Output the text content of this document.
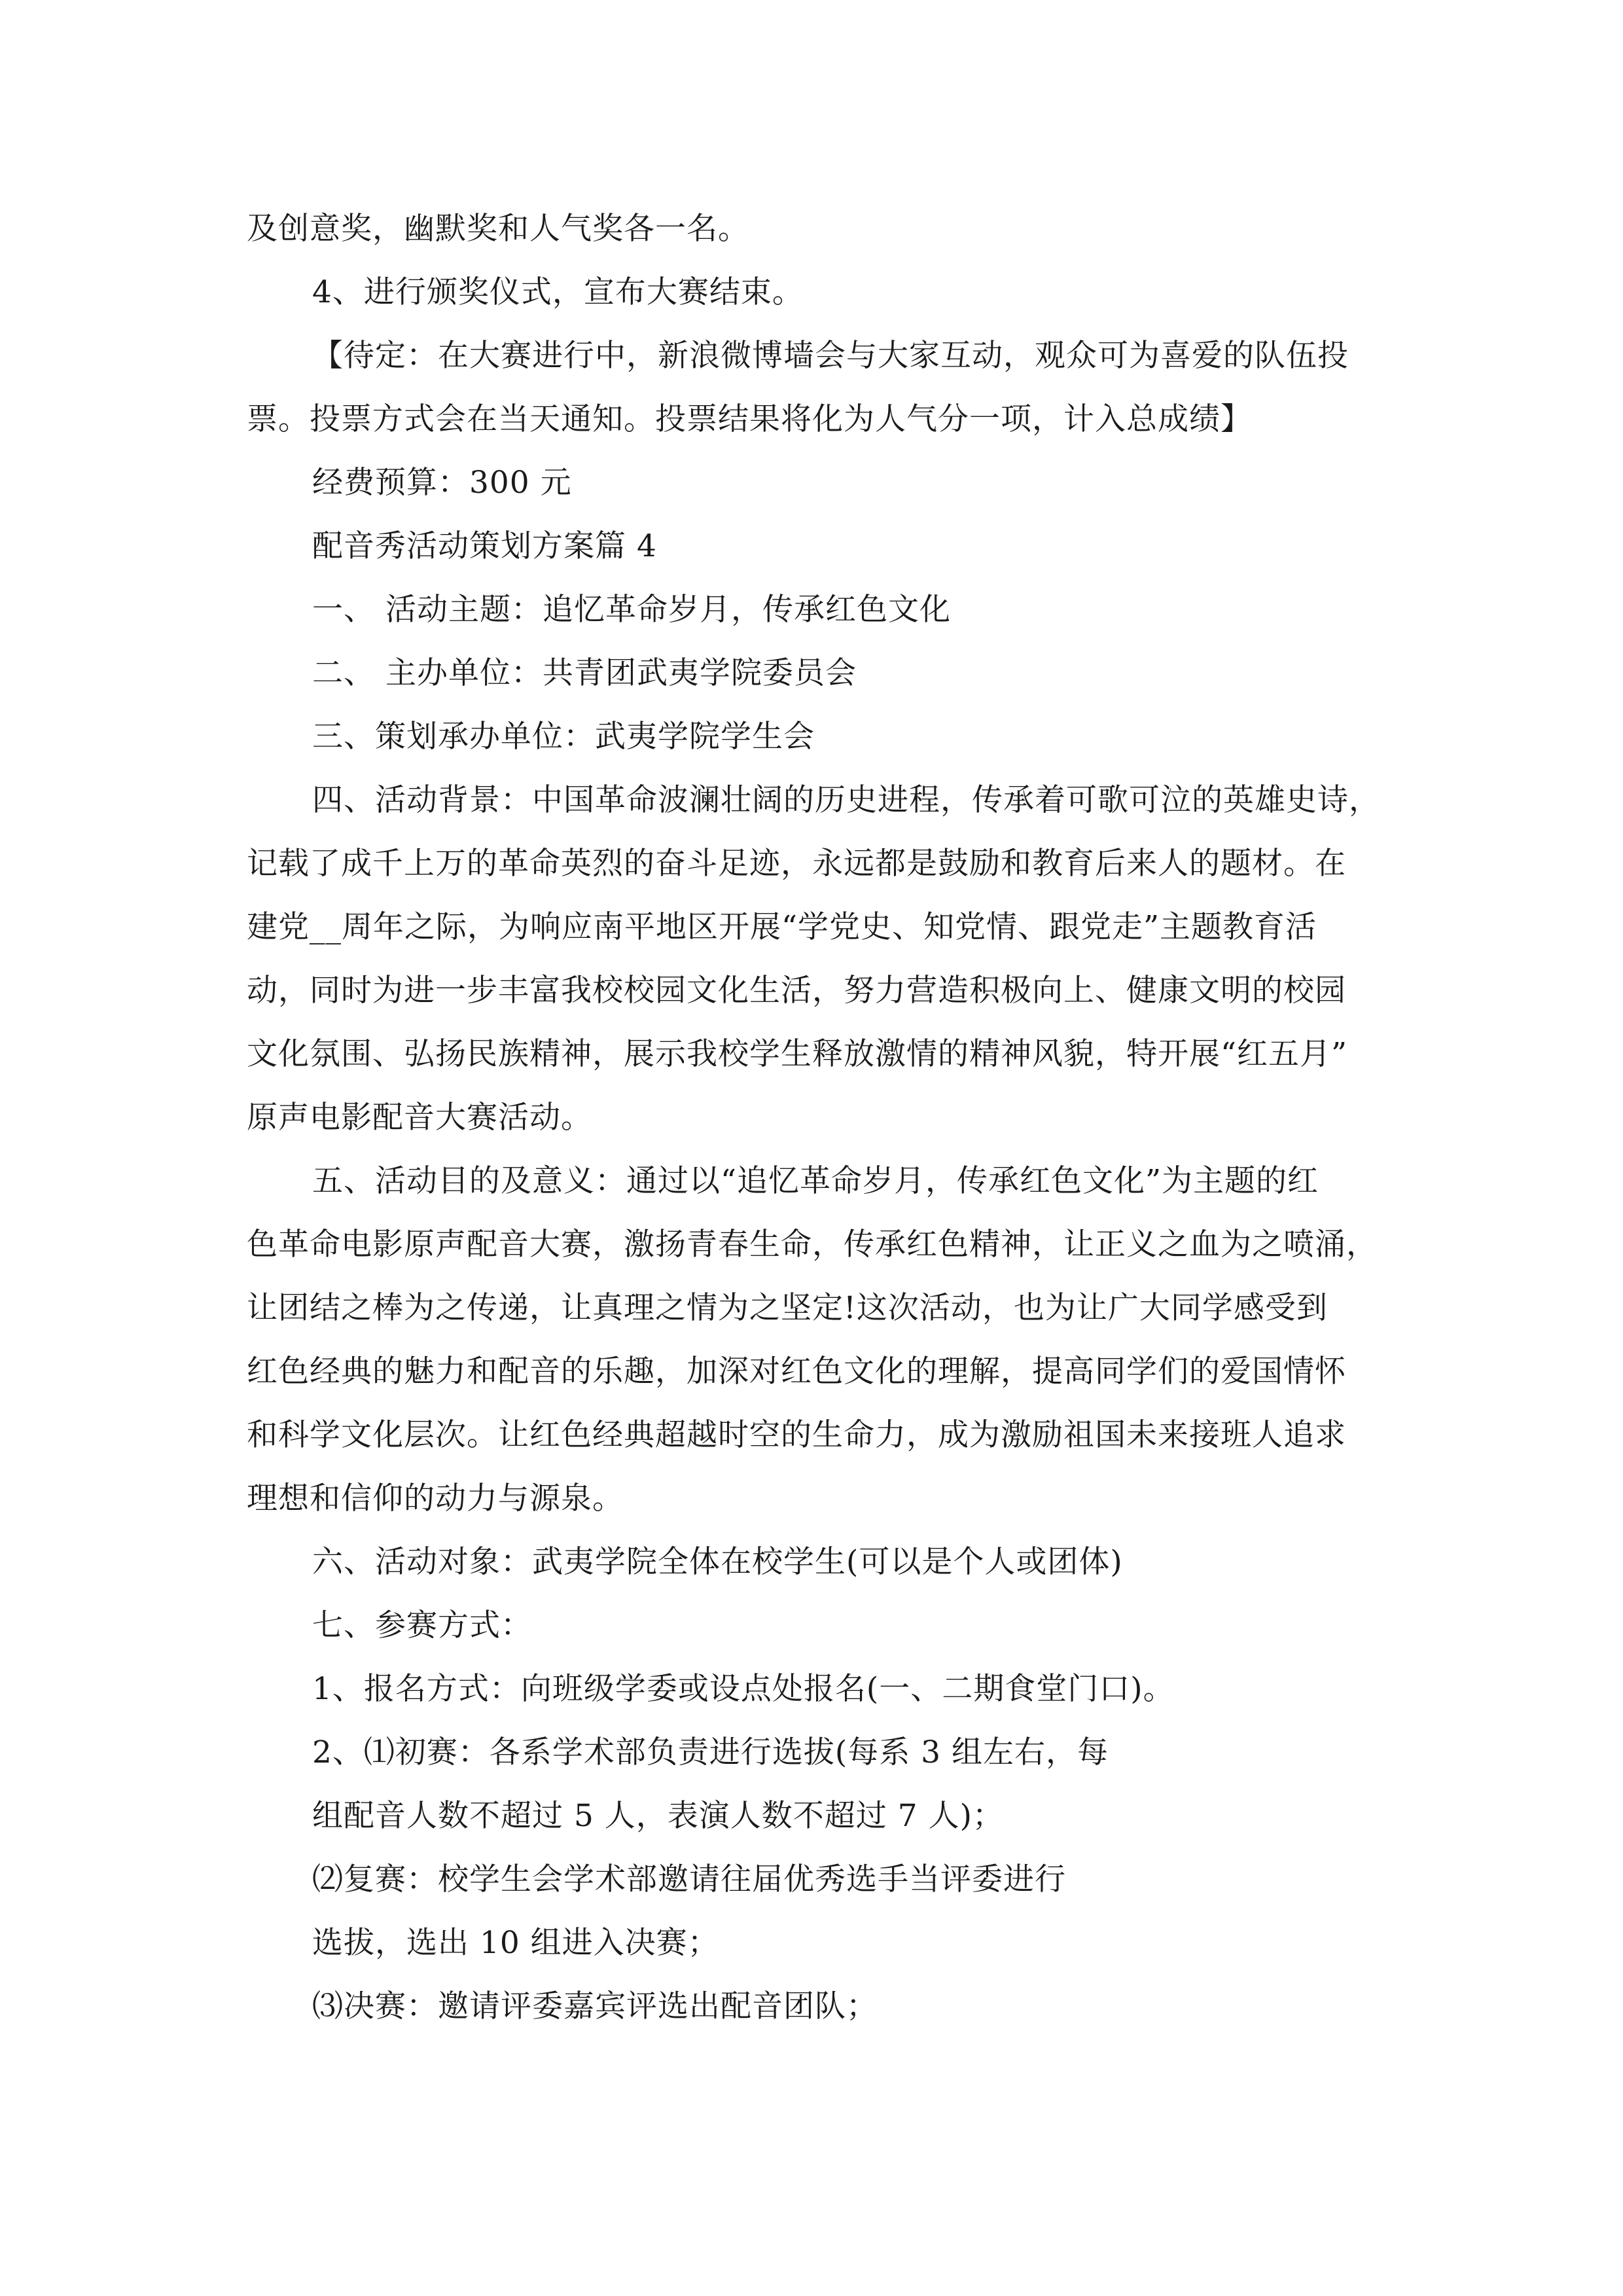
及创意奖，幽默奖和人气奖各一名。
4、进行颁奖仪式，宣布大赛结束。
【待定：在大赛进行中，新浪微博墙会与大家互动，观众可为喜爱的队伍投
票。投票方式会在当天通知。投票结果将化为人气分一项，计入总成绩】
经费预算：300 元
配音秀活动策划方案篇 4
一、 活动主题：追忆革命岁月，传承红色文化
二、 主办单位：共青团武夷学院委员会
三、策划承办单位：武夷学院学生会
四、活动背景：中国革命波澜壮阔的历史进程，传承着可歌可泣的英雄史诗，
记载了成千上万的革命英烈的奋斗足迹，永远都是鼓励和教育后来人的题材。在
建党__周年之际，为响应南平地区开展“学党史、知党情、跟党走”主题教育活
动，同时为进一步丰富我校校园文化生活，努力营造积极向上、健康文明的校园
文化氛围、弘扬民族精神，展示我校学生释放激情的精神风貌，特开展“红五月”
原声电影配音大赛活动。
五、活动目的及意义：通过以“追忆革命岁月，传承红色文化”为主题的红
色革命电影原声配音大赛，激扬青春生命，传承红色精神，让正义之血为之喷涌，
让团结之棒为之传递，让真理之情为之坚定!这次活动，也为让广大同学感受到
红色经典的魅力和配音的乐趣，加深对红色文化的理解，提高同学们的爱国情怀
和科学文化层次。让红色经典超越时空的生命力，成为激励祖国未来接班人追求
理想和信仰的动力与源泉。
六、活动对象：武夷学院全体在校学生(可以是个人或团体)
七、参赛方式：
1、报名方式：向班级学委或设点处报名(一、二期食堂门口)。
2、⑴初赛：各系学术部负责进行选拔(每系 3 组左右，每
组配音人数不超过 5 人，表演人数不超过 7 人)；
⑵复赛：校学生会学术部邀请往届优秀选手当评委进行
选拔，选出 10 组进入决赛；
⑶决赛：邀请评委嘉宾评选出配音团队；
